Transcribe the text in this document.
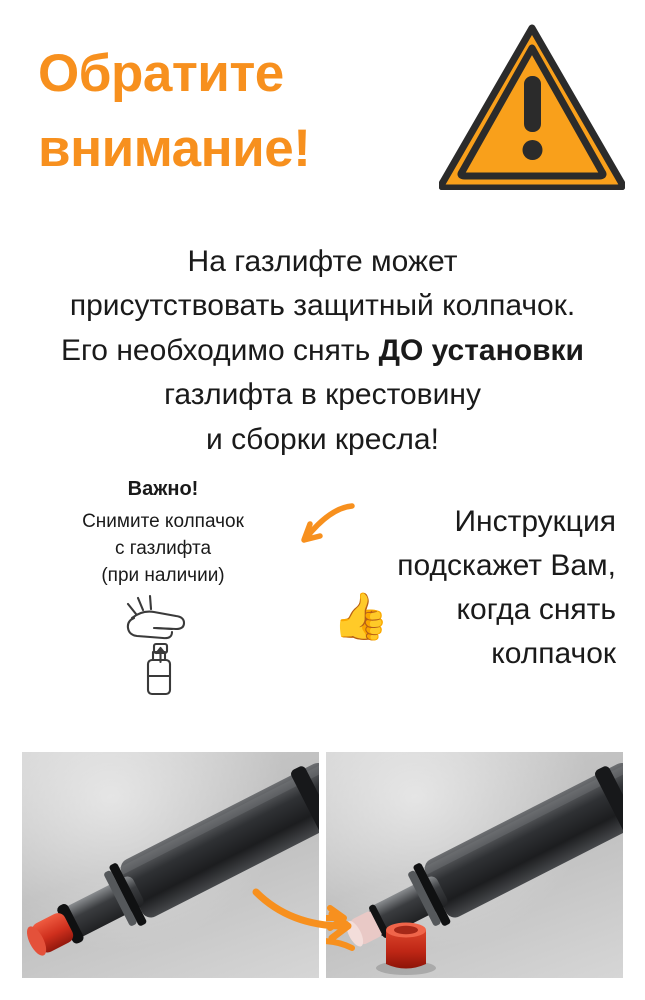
Обратите
внимание!
На газлифте может
присутствовать защитный колпачок.
Его необходимо снять ДО установки
газлифта в крестовину
и сборки кресла!
Важно!
Снимите колпачок
с газлифта
(при наличии)
Инструкция
подскажет Вам,
когда снять
колпачок
👍
